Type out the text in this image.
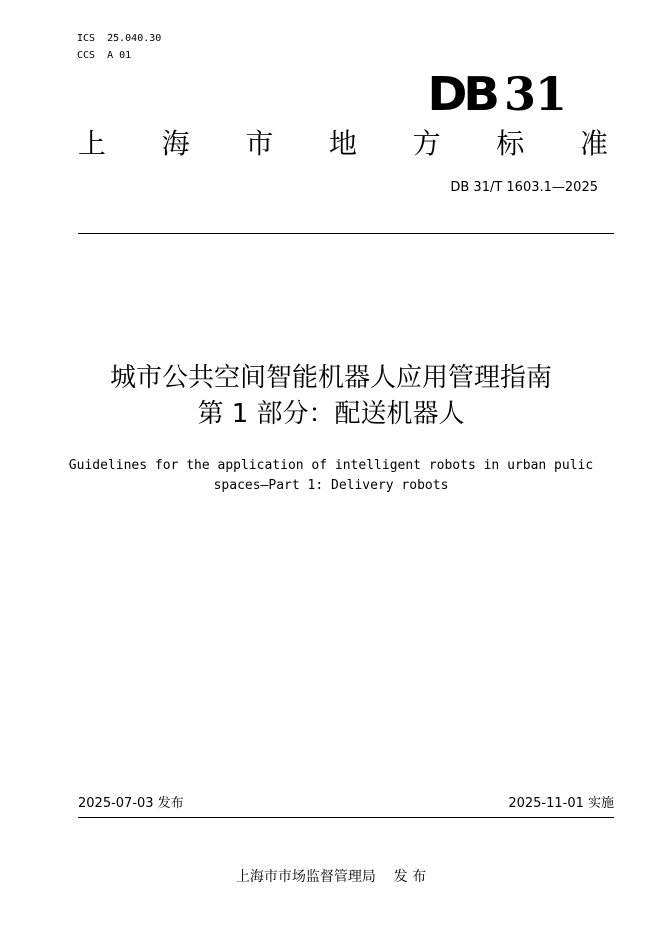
ICS  25.040.30
CCS  A 01
DB 31
上 海 市 地 方 标 准
DB 31/T 1603.1—2025
城市公共空间智能机器人应用管理指南
第 1 部分：配送机器人
Guidelines for the application of intelligent robots in urban pulic
spaces—Part 1: Delivery robots
2025-07-03 发布	2025-11-01 实施
上海市市场监督管理局    发 布
